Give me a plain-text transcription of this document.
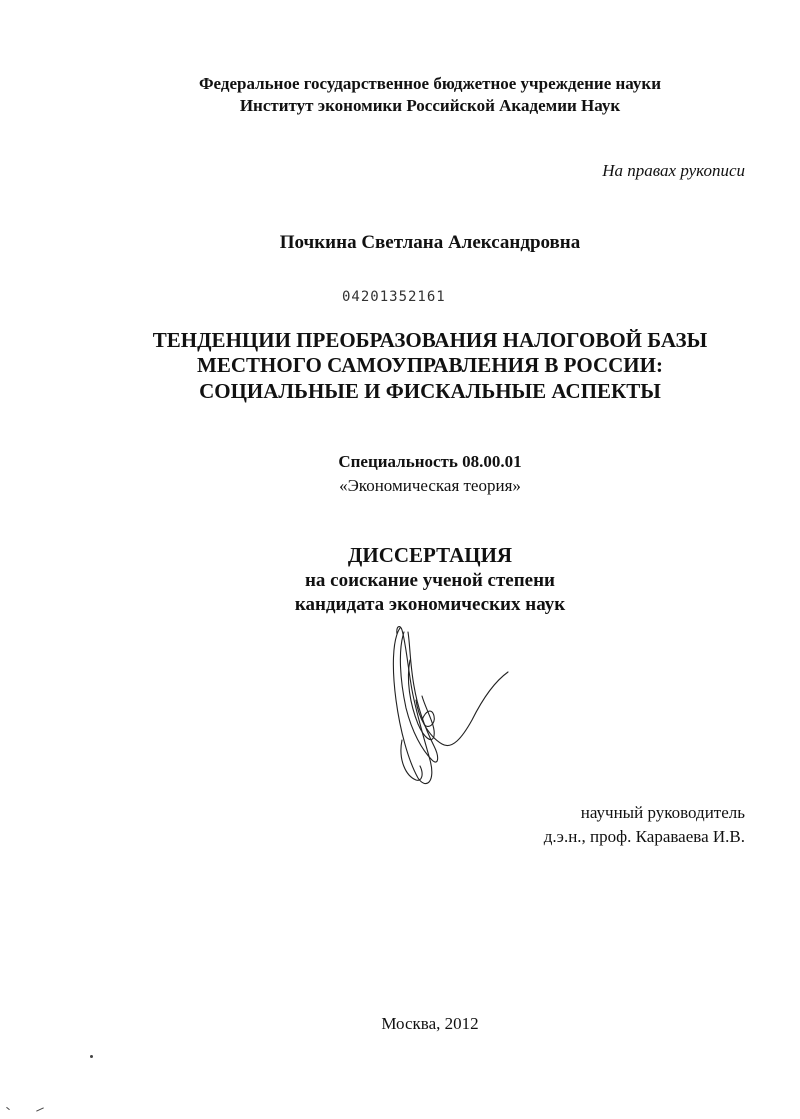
Федеральное государственное бюджетное учреждение науки
Институт экономики Российской Академии Наук
На правах рукописи
Почкина Светлана Александровна
04201352161
ТЕНДЕНЦИИ ПРЕОБРАЗОВАНИЯ НАЛОГОВОЙ БАЗЫ
МЕСТНОГО САМОУПРАВЛЕНИЯ В РОССИИ:
СОЦИАЛЬНЫЕ И ФИСКАЛЬНЫЕ АСПЕКТЫ
Специальность 08.00.01
«Экономическая теория»
ДИССЕРТАЦИЯ
на соискание ученой степени
кандидата экономических наук
научный руководитель
д.э.н., проф. Караваева И.В.
Москва, 2012
